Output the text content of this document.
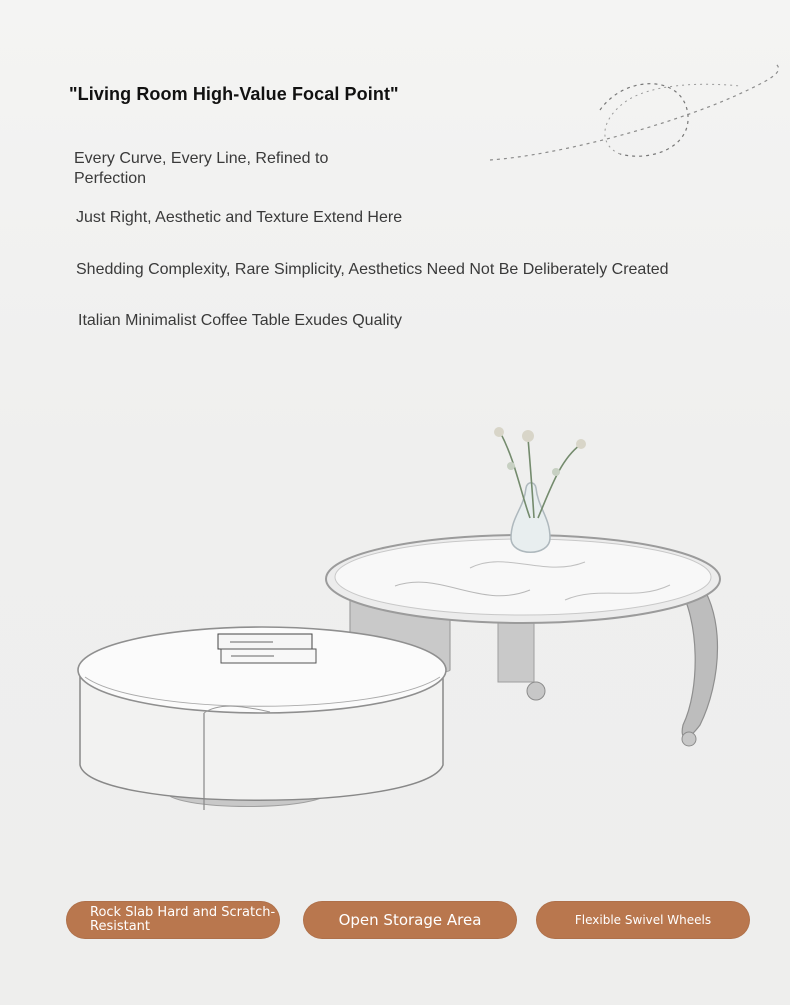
"Living Room High-Value Focal Point"
Every Curve, Every Line, Refined to Perfection
Just Right, Aesthetic and Texture Extend Here
Shedding Complexity, Rare Simplicity, Aesthetics Need Not Be Deliberately Created
Italian Minimalist Coffee Table Exudes Quality
Rock Slab Hard and Scratch-Resistant	Open Storage Area	Flexible Swivel Wheels
